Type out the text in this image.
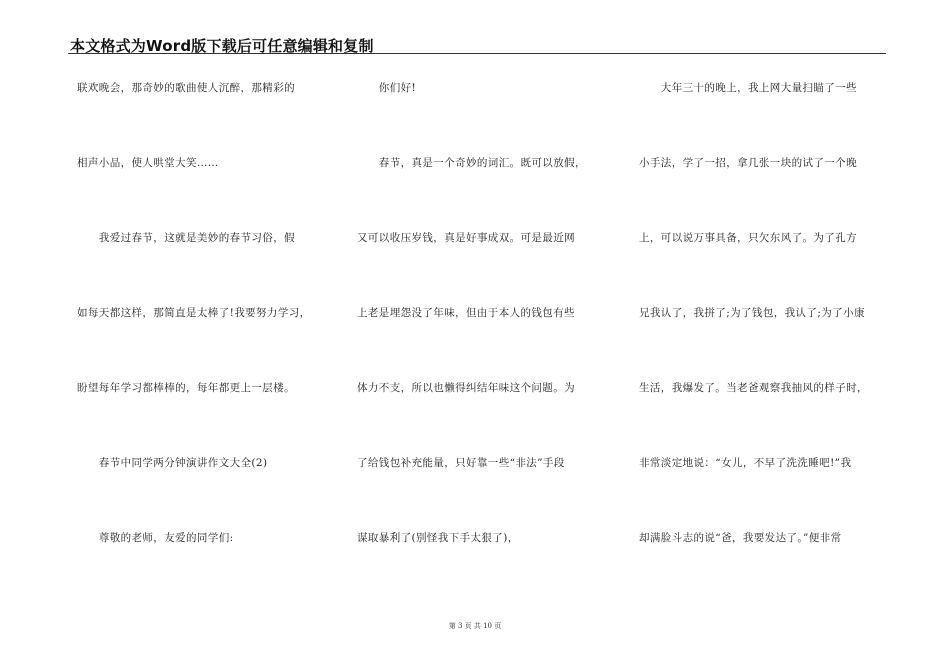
本文格式为Word版下载后可任意编辑和复制
联欢晚会，那奇妙的歌曲使人沉醉，那精彩的
相声小品，使人哄堂大笑……
　　我爱过春节，这就是美妙的春节习俗，假
如每天都这样，那简直是太棒了!我要努力学习，
盼望每年学习都棒棒的，每年都更上一层楼。
　　春节中同学两分钟演讲作文大全(2)
　　尊敬的老师，友爱的同学们:
　　你们好!
　　春节，真是一个奇妙的词汇。既可以放假，
又可以收压岁钱，真是好事成双。可是最近网
上老是埋怨没了年味，但由于本人的钱包有些
体力不支，所以也懒得纠结年味这个问题。为
了给钱包补充能量，只好靠一些“非法”手段
谋取暴利了(别怪我下手太狠了)，
　　大年三十的晚上，我上网大量扫瞄了一些
小手法，学了一招，拿几张一块的试了一个晚
上，可以说万事具备，只欠东风了。为了孔方
兄我认了，我拼了;为了钱包，我认了;为了小康
生活，我爆发了。当老爸观察我抽风的样子时，
非常淡定地说：“女儿，不早了洗洗睡吧!”我
却满脸斗志的说“爸，我要发达了。”便非常
第 3 页 共 10 页
